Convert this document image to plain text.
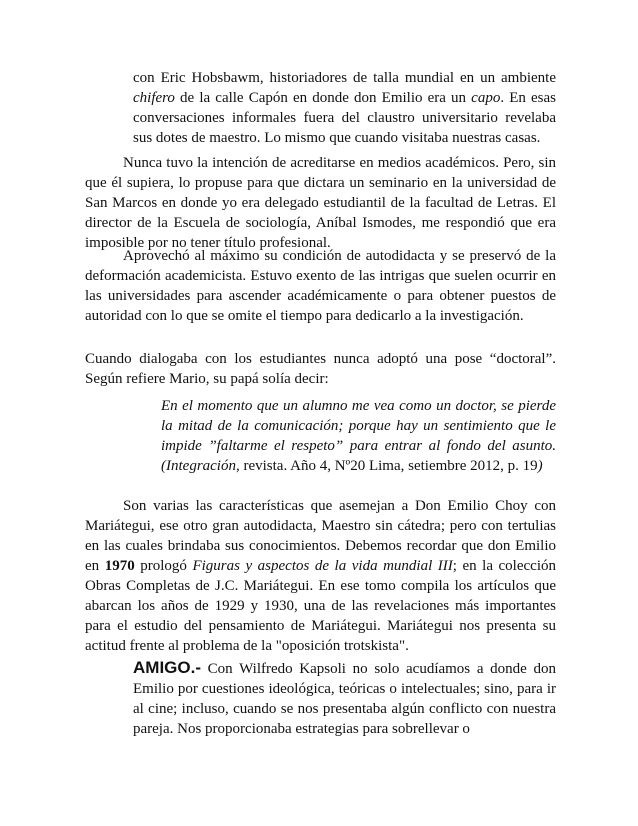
con Eric Hobsbawm, historiadores de talla mundial en un ambiente chifero de la calle Capón en donde don Emilio era un capo. En esas conversaciones informales fuera del claustro universitario revelaba sus dotes de maestro. Lo mismo que cuando visitaba nuestras casas.

Nunca tuvo la intención de acreditarse en medios académicos. Pero, sin que él supiera, lo propuse para que dictara un seminario en la universidad de San Marcos en donde yo era delegado estudiantil de la facultad de Letras. El director de la Escuela de sociología, Aníbal Ismodes, me respondió que era imposible por no tener título profesional.

Aprovechó al máximo su condición de autodidacta y se preservó de la deformación academicista. Estuvo exento de las intrigas que suelen ocurrir en las universidades para ascender académicamente o para obtener puestos de autoridad con lo que se omite el tiempo para dedicarlo a la investigación.

Cuando dialogaba con los estudiantes nunca adoptó una pose “doctoral”. Según refiere Mario, su papá solía decir:

En el momento que un alumno me vea como un doctor, se pierde la mitad de la comunicación; porque hay un sentimiento que le impide ”faltarme el respeto” para entrar al fondo del asunto.(Integración, revista. Año 4, Nº20 Lima, setiembre 2012, p. 19)

Son varias las características que asemejan a Don Emilio Choy con Mariátegui, ese otro gran autodidacta, Maestro sin cátedra; pero con tertulias en las cuales brindaba sus conocimientos. Debemos recordar que don Emilio en 1970 prologó Figuras y aspectos de la vida mundial III; en la colección Obras Completas de J.C. Mariátegui. En ese tomo compila los artículos que abarcan los años de 1929 y 1930, una de las revelaciones más importantes para el estudio del pensamiento de Mariátegui. Mariátegui nos presenta su actitud frente al problema de la "oposición trotskista".

AMIGO.- Con Wilfredo Kapsoli no solo acudíamos a donde don Emilio por cuestiones ideológica, teóricas o intelectuales; sino, para ir al cine; incluso, cuando se nos presentaba algún conflicto con nuestra pareja. Nos proporcionaba estrategias para sobrellevar o
